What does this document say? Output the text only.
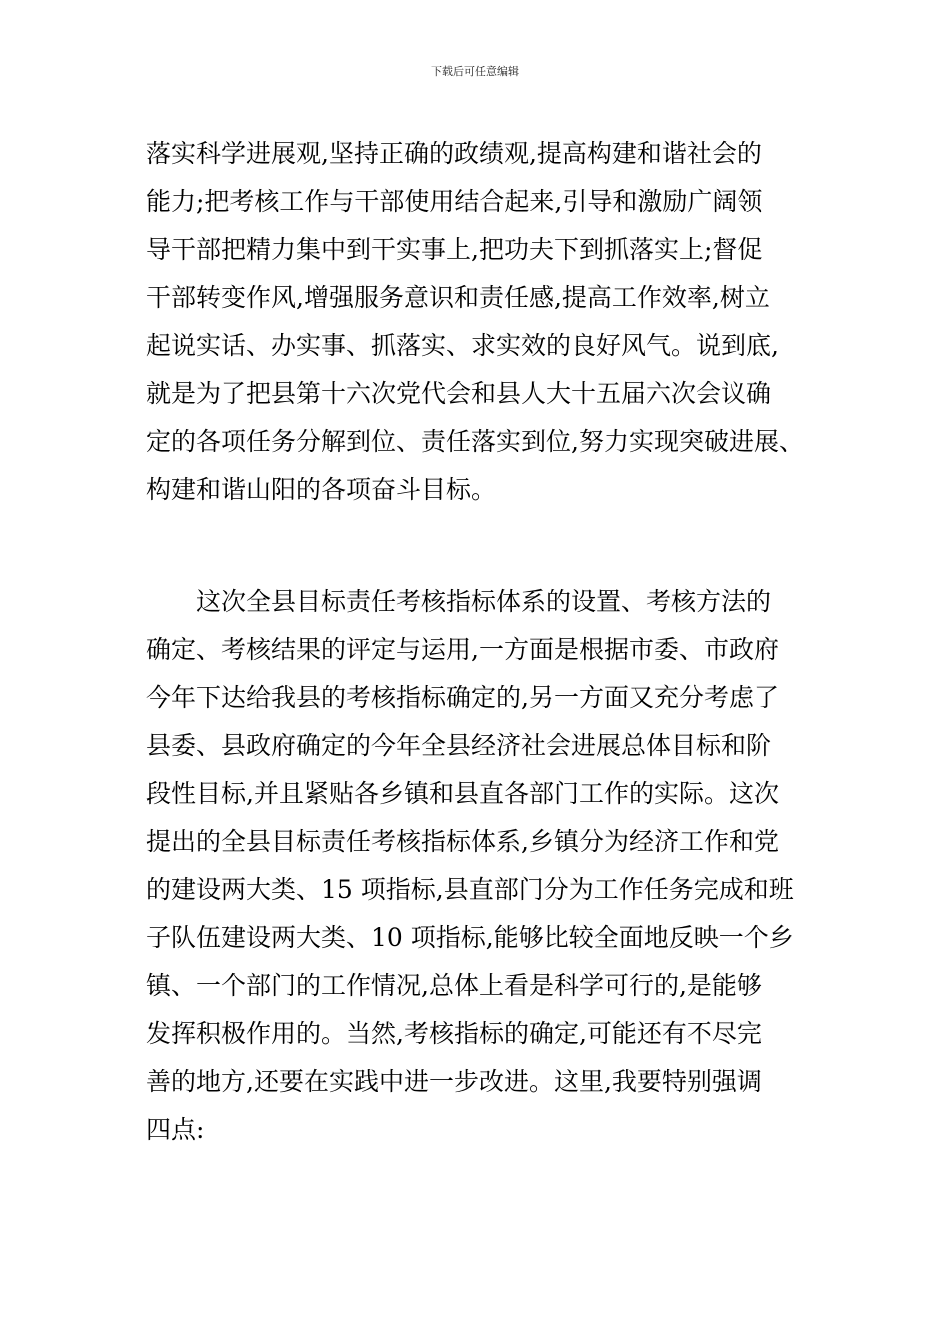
下载后可任意编辑
落实科学进展观,坚持正确的政绩观,提高构建和谐社会的
能力;把考核工作与干部使用结合起来,引导和激励广阔领
导干部把精力集中到干实事上,把功夫下到抓落实上;督促
干部转变作风,增强服务意识和责任感,提高工作效率,树立
起说实话、办实事、抓落实、求实效的良好风气。说到底,
就是为了把县第十六次党代会和县人大十五届六次会议确
定的各项任务分解到位、责任落实到位,努力实现突破进展、
构建和谐山阳的各项奋斗目标。
这次全县目标责任考核指标体系的设置、考核方法的
确定、考核结果的评定与运用,一方面是根据市委、市政府
今年下达给我县的考核指标确定的,另一方面又充分考虑了
县委、县政府确定的今年全县经济社会进展总体目标和阶
段性目标,并且紧贴各乡镇和县直各部门工作的实际。这次
提出的全县目标责任考核指标体系,乡镇分为经济工作和党
的建设两大类、15 项指标,县直部门分为工作任务完成和班
子队伍建设两大类、10 项指标,能够比较全面地反映一个乡
镇、一个部门的工作情况,总体上看是科学可行的,是能够
发挥积极作用的。当然,考核指标的确定,可能还有不尽完
善的地方,还要在实践中进一步改进。这里,我要特别强调
四点:
